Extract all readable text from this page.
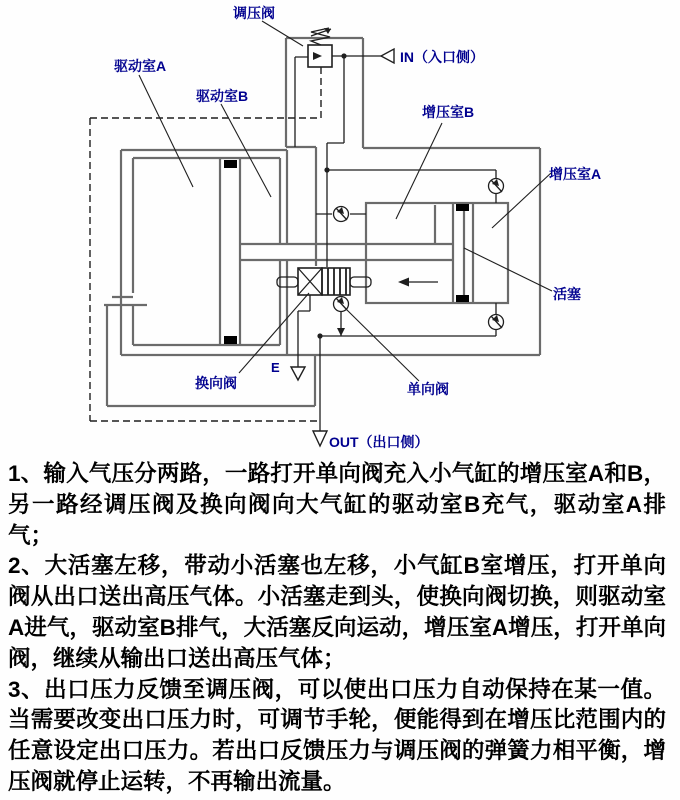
调压阀
驱动室A
驱动室B
增压室B
增压室A
活塞
换向阀	单向阀
IN（入口侧）
OUT（出口侧）
E

1、输入气压分两路，一路打开单向阀充入小气缸的增压室A和B，另一路经调压阀及换向阀向大气缸的驱动室B充气，驱动室A排气；

2、大活塞左移，带动小活塞也左移，小气缸B室增压，打开单向阀从出口送出高压气体。小活塞走到头，使换向阀切换，则驱动室A进气，驱动室B排气，大活塞反向运动，增压室A增压，打开单向阀，继续从输出口送出高压气体；

3、出口压力反馈至调压阀，可以使出口压力自动保持在某一值。当需要改变出口压力时，可调节手轮，便能得到在增压比范围内的任意设定出口压力。若出口反馈压力与调压阀的弹簧力相平衡，增压阀就停止运转，不再输出流量。
